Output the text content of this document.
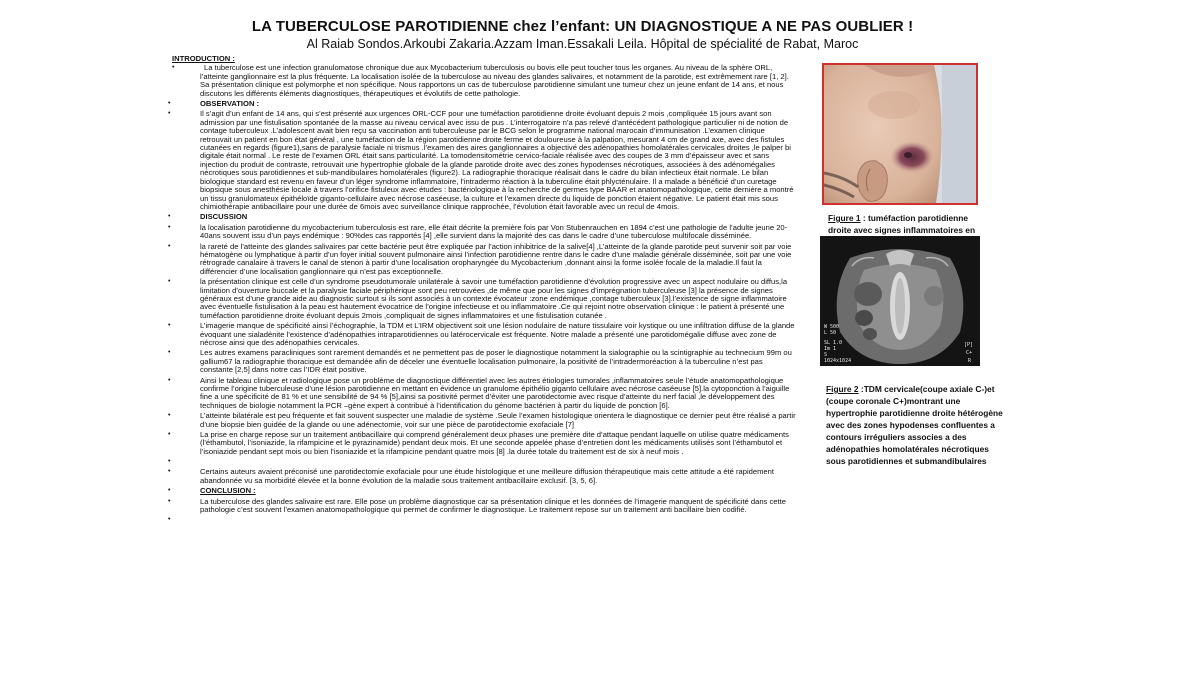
LA TUBERCULOSE PAROTIDIENNE chez l’enfant: UN DIAGNOSTIQUE A NE PAS OUBLIER !
Al Raiab Sondos.Arkoubi Zakaria.Azzam Iman.Essakali Leila. Hôpital de spécialité de Rabat, Maroc
INTRODUCTION :
• La tuberculose est une infection granulomatose chronique due aux Mycobacterium tuberculosis ou bovis elle peut toucher tous les organes. Au niveau de la sphère ORL, l’atteinte ganglionnaire est la plus fréquente. La localisation isolée de la tuberculose au niveau des glandes salivaires, et notamment de la parotide, est extrêmement rare [1, 2]. Sa présentation clinique est polymorphe et non spécifique. Nous rapportons un cas de tuberculose parotidienne simulant une tumeur chez un jeune enfant de 14 ans, et nous discutons les différents éléments diagnostiques, thérapeutiques et évolutifs de cette pathologie.
• OBSERVATION :
• Il s’agit d’un enfant de 14 ans, qui s’est présenté aux urgences ORL-CCF pour une tuméfaction parotidienne droite évoluant depuis 2 mois ,compliquée 15 jours avant son admission par une fistulisation spontanée de la masse au niveau cervical avec issu de pus . L’interrogatoire n’a pas relevé d’antécédent pathologique particulier ni de notion de contage tuberculeux .L’adolescent avait bien reçu sa vaccination anti tuberculeuse par le BCG selon le programme national marocain d’immunisation .L’examen clinique retrouvait un patient en bon état général , une tuméfaction de la région parotidienne droite ferme et douloureuse à la palpation, mesurant 4 cm de grand axe, avec des fistules cutanées en regards (figure1),sans de paralysie faciale ni trismus .l’examen des aires ganglionnaires a objectivé des adénopathies homolatérales cervicales droites ,le palper bi digitale était normal . Le reste de l’examen ORL était sans particularité. La tomodensitométrie cervico-faciale réalisée avec des coupes de 3 mm d’épaisseur avec et sans injection du produit de contraste, retrouvait une hypertrophie globale de la glande parotide droite avec des zones hypodenses nécrotiques, associées à des adénomégalies nécrotiques sous parotidiennes et sub-mandibulaires homolatérales (figure2). La radiographie thoracique réalisait dans le cadre du bilan infectieux était normale. Le bilan biologique standard est revenu en faveur d’un léger syndrome inflammatoire, l’intradermo réaction à la tuberculine était phlycténulaire. Il a malade a bénéficié d’un curetage biopsique sous anesthésie locale à travers l’orifice fistuleux avec études : bactériologique à la recherche de germes type BAAR et anatomopathologique, cette dernière a montré un tissu granulomateux épithéloïde giganto-cellulaire avec nécrose caséeuse, la culture et l’examen directe du liquide de ponction étaient négative. Le patient était mis sous chimiothérapie antibacillaire pour une durée de 6mois avec surveillance clinique rapprochée, l’évolution était favorable avec un recul de 4mois.
• DISCUSSION
• la localisation parotidienne du mycobacterium tuberculosis est rare, elle était décrite la première fois par Von Stubenrauchen en 1894 c’est une pathologie de l’adulte jeune 20-40ans souvent issu d’un pays endémique : 90%des cas rapportés [4] ,elle survient dans la majorité des cas dans le cadre d’une tuberculose multifocale disséminée.
• la rareté de l’atteinte des glandes salivaires par cette bactérie peut être expliquée par l’action inhibitrice de la salive[4] ,L’atteinte de la glande parotide peut survenir soit par voie hématogène ou lymphatique à partir d’un foyer initial souvent pulmonaire ainsi l’infection parotidienne rentre dans le cadre d’une maladie générale disséminée, soit par une voie rétrograde canalaire à travers le canal de stenon à partir d’une localisation oropharyngée du Mycobacterium ,donnant ainsi la forme isolée focale de la maladie.Il faut la différencier d’une localisation ganglionnaire qui n’est pas exceptionnelle.
• la présentation clinique est celle d’un syndrome pseudotumorale unilatérale à savoir une tuméfaction parotidienne d’évolution progressive avec un aspect nodulaire ou diffus,la limitation d’ouverture buccale et la paralysie faciale périphérique sont peu retrouvées ,de même que pour les signes d’imprégnation tuberculeuse [3] la présence de signes généraux est d’une grande aide au diagnostic surtout si ils sont associés à un contexte évocateur :zone endémique ,contage tuberculeux [3].l’existence de signe inflammatoire avec éventuelle fistulisation à la peau est hautement évocatrice de l’origine infectieuse et ou inflammatoire .Ce qui rejoint notre observation clinique : le patient à présenté une tuméfaction parotidienne droite évoluant depuis 2mois ,compliquait de signes inflammatoires et une fistulisation cutanée .
• L’imagerie manque de spécificité ainsi l’échographie, la TDM et L’IRM objectivent soit une lésion nodulaire de nature tissulaire voir kystique ou une infiltration diffuse de la glande évoquant une sialadénite l’existence d’adénopathies intraparotidiennes ou latérocervicale est fréquente. Notre malade a présenté une parotidomégalie diffuse avec zone de nécrose ainsi que des adénopathies cervicales.
• Les autres examens paracliniques sont rarement demandés et ne permettent pas de poser le diagnostique notamment la sialographie ou la scintigraphie au technecium 99m ou gallium67 la radiographie thoracique est demandée afin de déceler une éventuelle localisation pulmonaire, la positivité de l’intradermoréaction à la tuberculine n’est pas constante [2,5] dans notre cas l’IDR était positive.
• Ainsi le tableau clinique et radiologique pose un problème de diagnostique différentiel avec les autres étiologies tumorales ,inflammatoires seule l’étude anatomopathologique confirme l’origine tuberculeuse d’une lésion parotidienne en mettant en évidence un granulome épithélio giganto cellulaire avec nécrose caséeuse [5].la cytoponction à l’aiguille fine a une spécificité de 81 % et une sensibilité de 94 % [5],ainsi sa positivité permet d’éviter une parotidectomie avec risque d’atteinte du nerf facial ,le développement des techniques de biologie notamment la PCR –gène expert à contribué à l’identification du génome bactérien à partir du liquide de ponction [6].
• L’atteinte bilatérale est peu fréquente et fait souvent suspecter une maladie de système .Seule l’examen histologique orientera le diagnostique ce dernier peut être réalisé a partir d’une biopsie bien guidée de la glande ou une adénectomie, voir sur une pièce de parotidectomie exofaciale [7]
• La prise en charge repose sur un traitement antibacillaire qui comprend généralement deux phases une première dite d’attaque pendant laquelle on utilise quatre médicaments (l’éthambutol, l’isoniazide, la rifampicine et le pyrazinamide) pendant deux mois. Et une seconde appelée phase d’entretien dont les médicaments utilisés sont l’éthambutol et l’isoniazide pendant sept mois ou bien l’isoniazide et la rifampicine pendant quatre mois [8] .la durée totale du traitement est de six à neuf mois .
•
• Certains auteurs avaient préconisé une parotidectomie exofaciale pour une étude histologique et une meilleure diffusion thérapeutique mais cette attitude a été rapidement abandonnée vu sa morbidité élevée et la bonne évolution de la maladie sous traitement antibacillaire exclusif. [3, 5, 6].
• CONCLUSION :
• La tuberculose des glandes salivaire est rare. Elle pose un problème diagnostique car sa présentation clinique et les données de l’imagerie manquent de spécificité dans cette pathologie c’est souvent l’examen anatomopathologique qui permet de confirmer le diagnostique. Le traitement repose sur un traitement anti bacillaire bien codifié.
•
Figure 1 : tuméfaction parotidienne droite avec signes inflammatoires en
W 500
L 50
SL 1.0
Im 1
S
1024x1024
[P]
C+
R
Figure 2 :TDM cervicale(coupe axiale C-)et (coupe coronale C+)montrant une hypertrophie parotidienne droite hétérogène avec des zones hypodenses confluentes a contours irréguliers associes a des adénopathies homolatérales nécrotiques sous parotidiennes et submandibulaires
